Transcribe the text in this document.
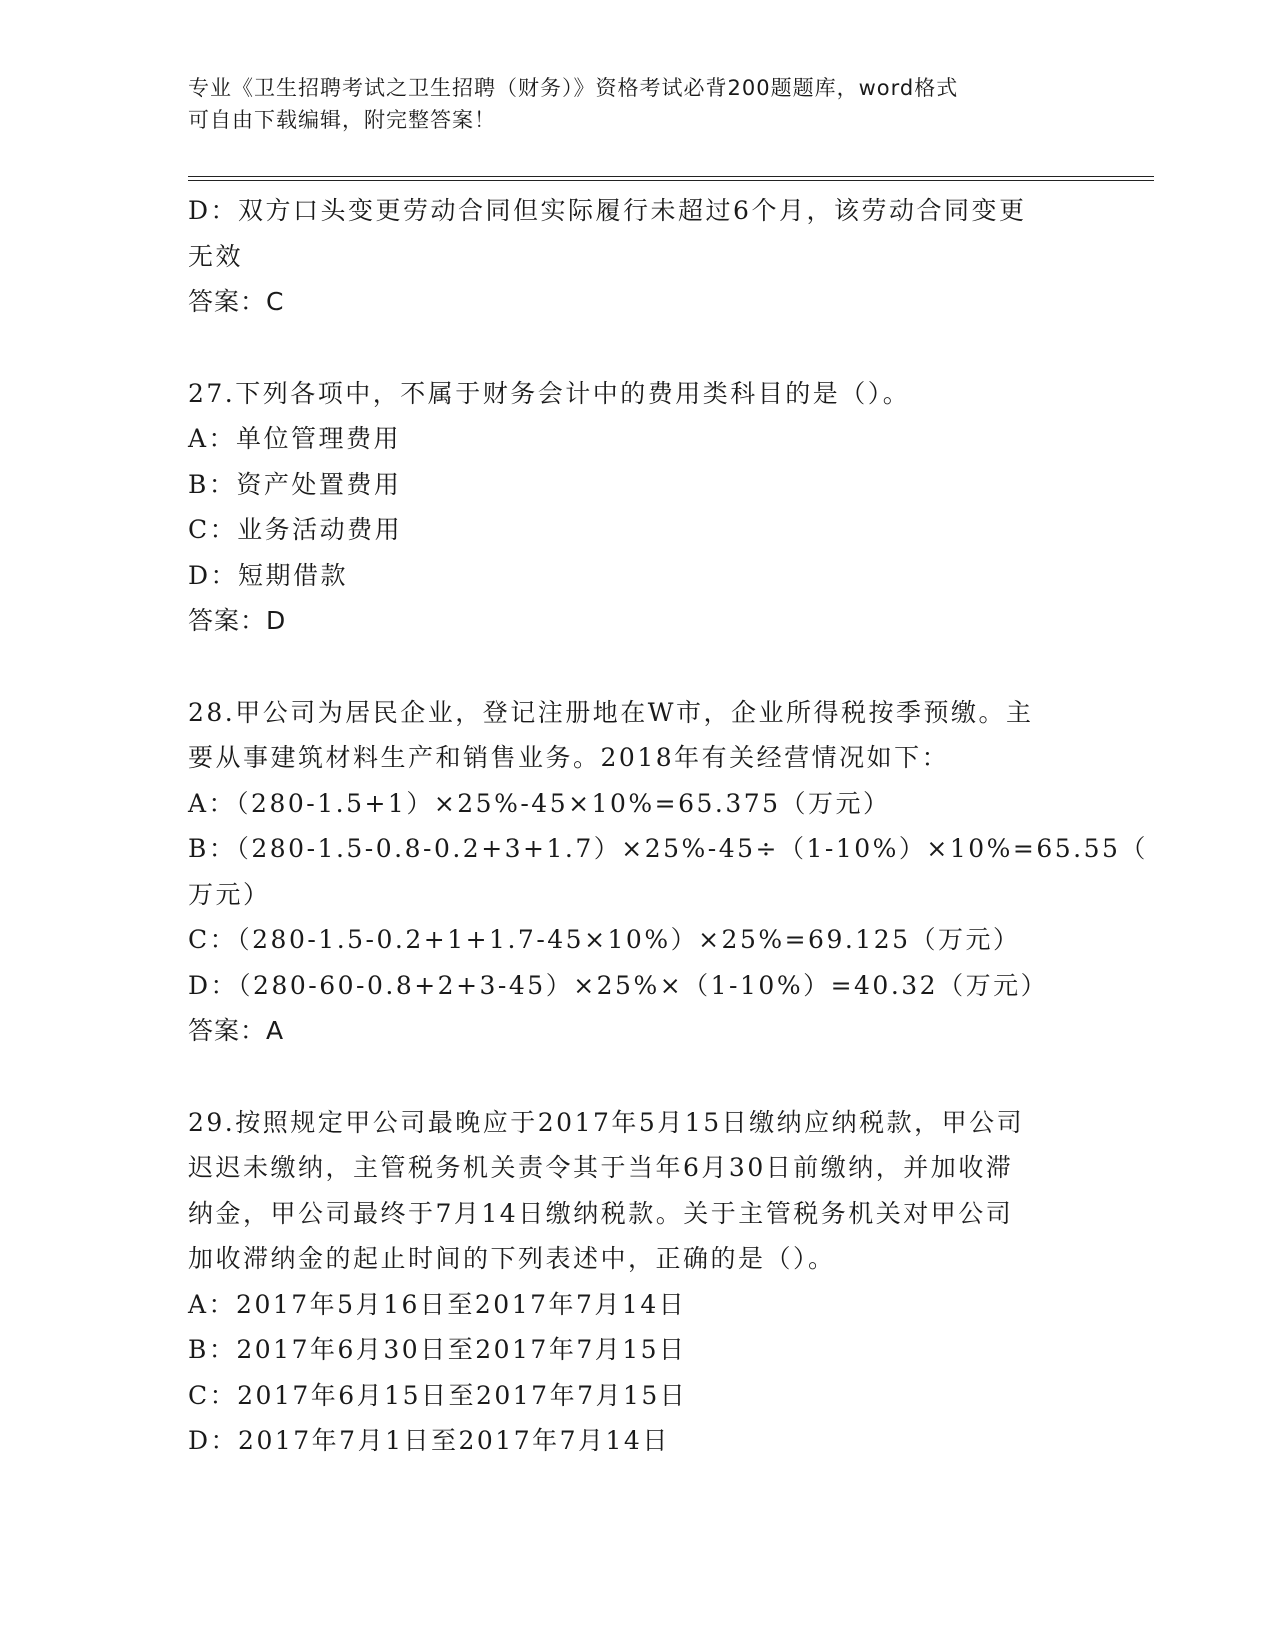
专业《卫生招聘考试之卫生招聘（财务）》资格考试必背200题题库，word格式
可自由下载编辑，附完整答案！
D：双方口头变更劳动合同但实际履行未超过6个月，该劳动合同变更
无效
答案：C
27.下列各项中，不属于财务会计中的费用类科目的是（）。
A：单位管理费用
B：资产处置费用
C：业务活动费用
D：短期借款
答案：D
28.甲公司为居民企业，登记注册地在W市，企业所得税按季预缴。主
要从事建筑材料生产和销售业务。2018年有关经营情况如下：
A：（280-1.5+1）×25%-45×10%=65.375（万元）
B：（280-1.5-0.8-0.2+3+1.7）×25%-45÷（1-10%）×10%=65.55（
万元）
C：（280-1.5-0.2+1+1.7-45×10%）×25%=69.125（万元）
D：（280-60-0.8+2+3-45）×25%×（1-10%）=40.32（万元）
答案：A
29.按照规定甲公司最晚应于2017年5月15日缴纳应纳税款，甲公司
迟迟未缴纳，主管税务机关责令其于当年6月30日前缴纳，并加收滞
纳金，甲公司最终于7月14日缴纳税款。关于主管税务机关对甲公司
加收滞纳金的起止时间的下列表述中，正确的是（）。
A：2017年5月16日至2017年7月14日
B：2017年6月30日至2017年7月15日
C：2017年6月15日至2017年7月15日
D：2017年7月1日至2017年7月14日
